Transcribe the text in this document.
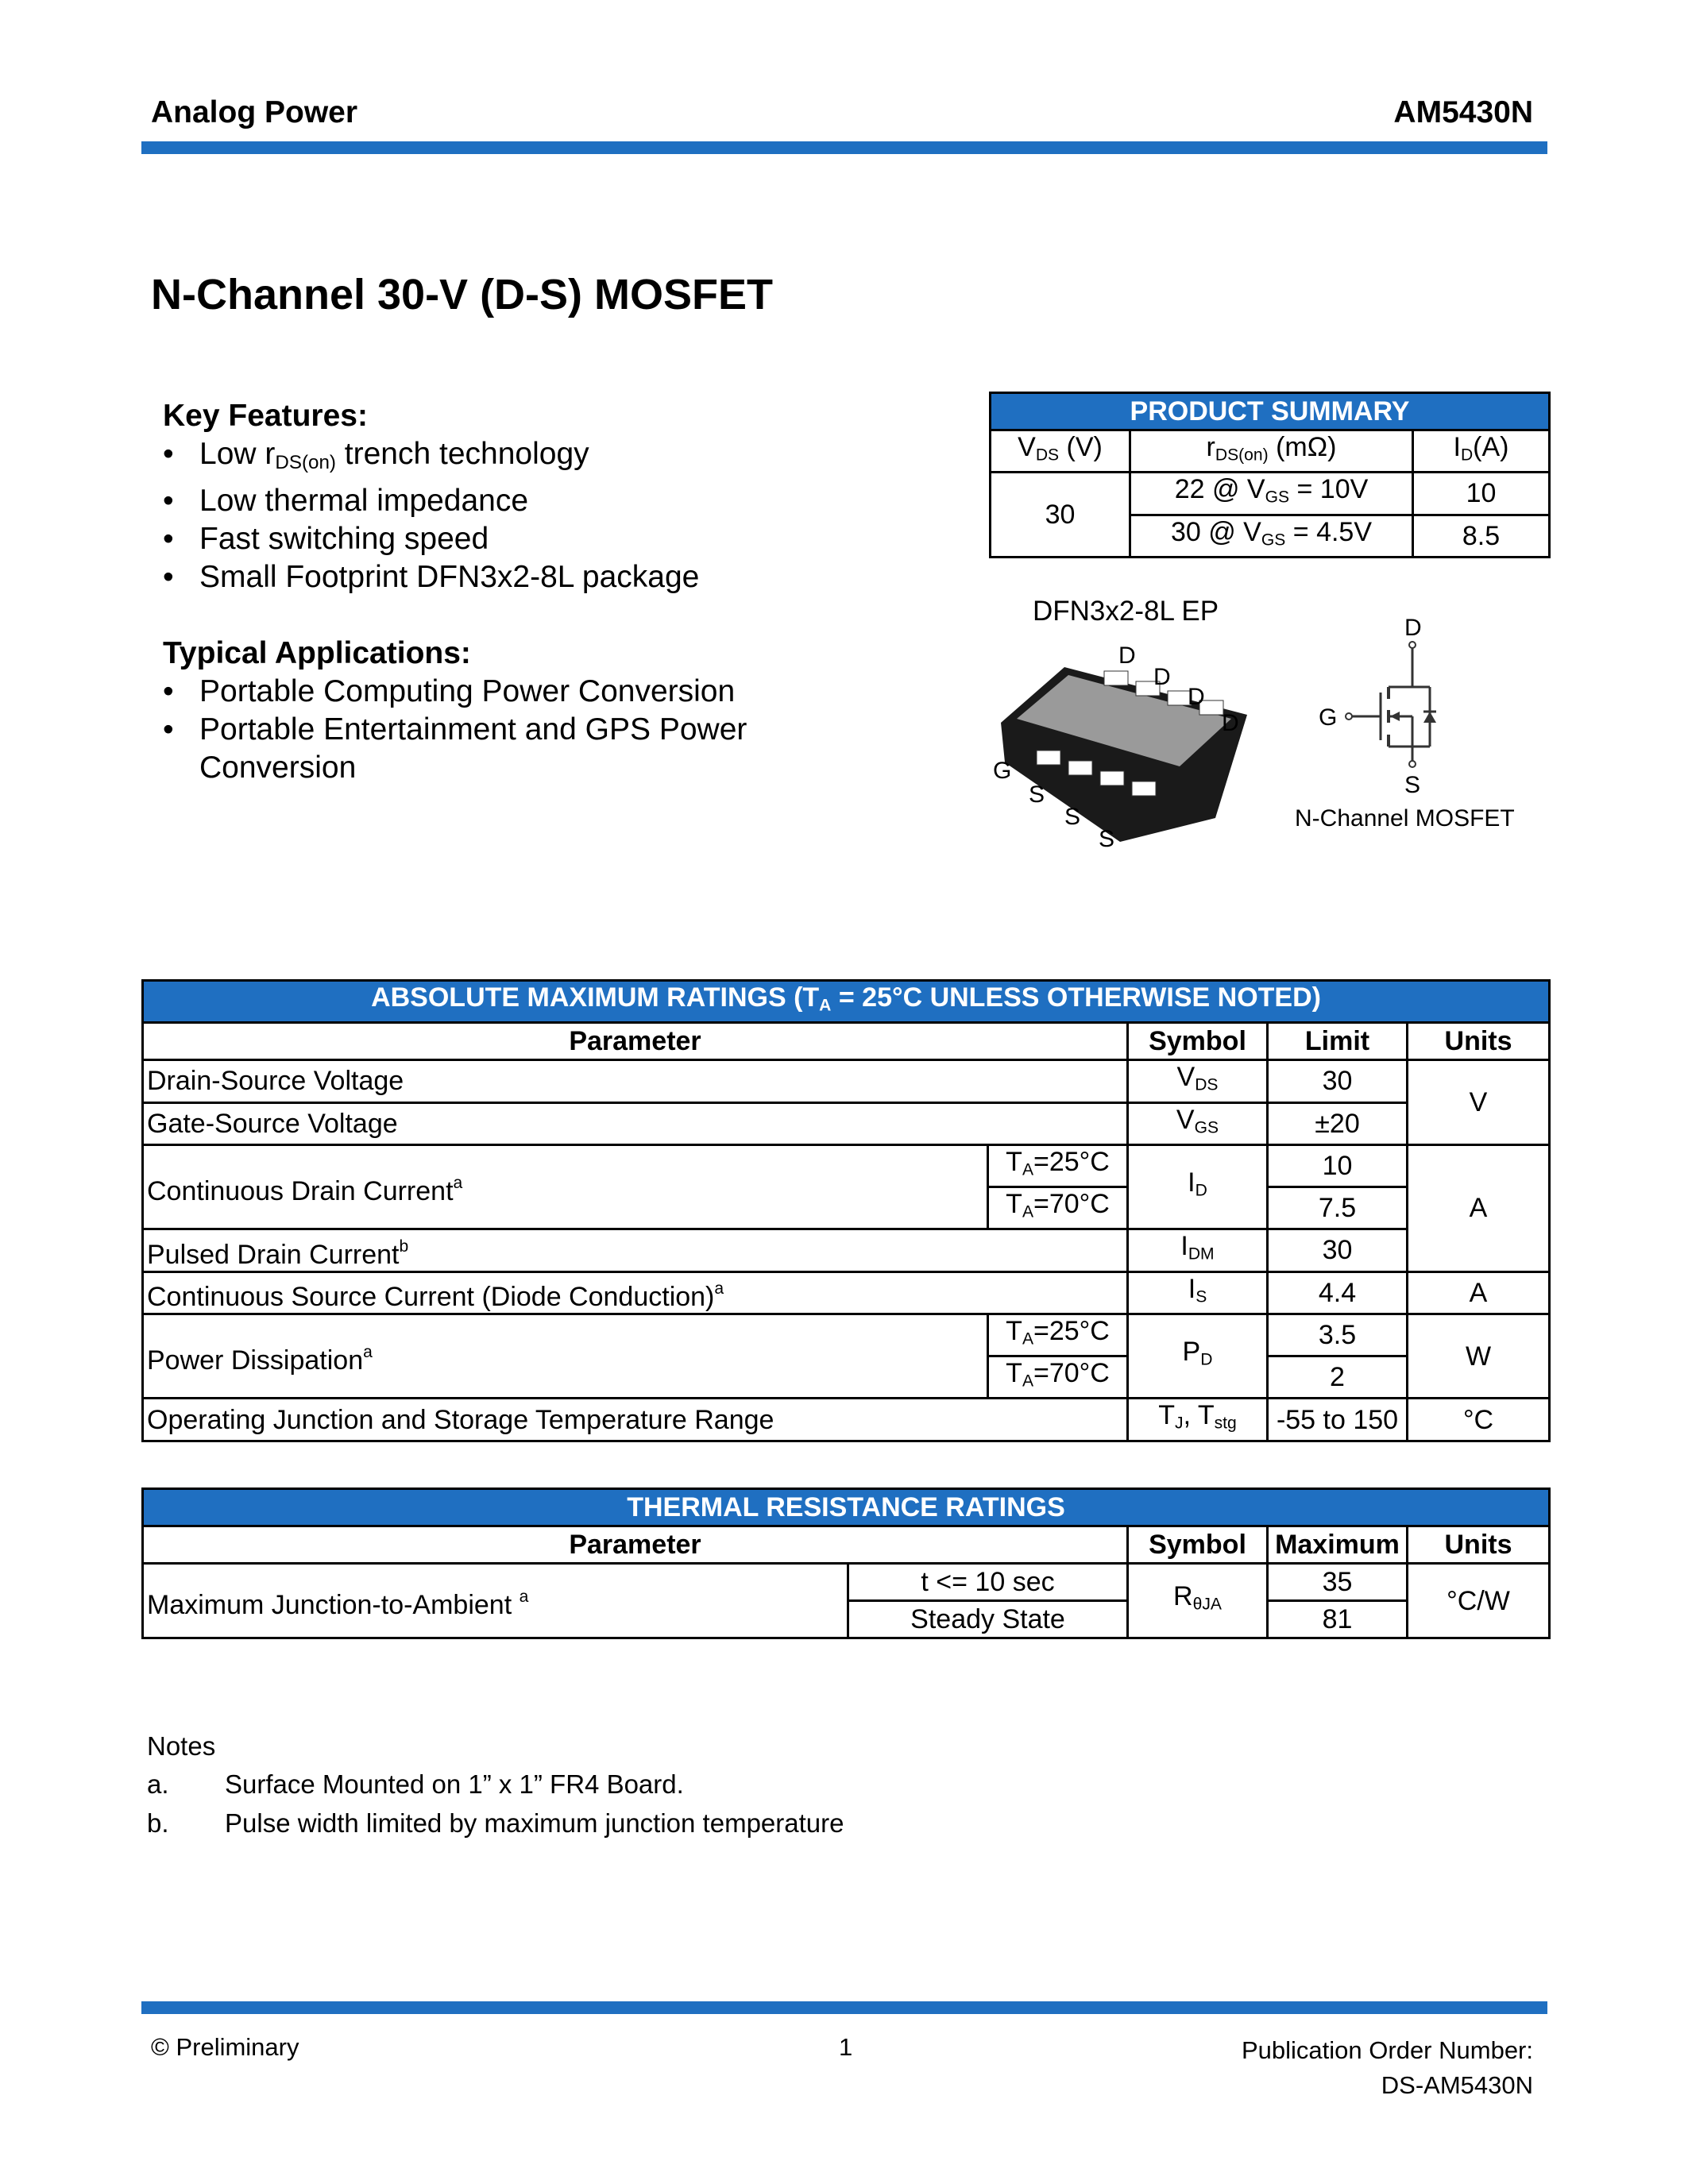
Analog Power	AM5430N
N-Channel 30-V (D-S) MOSFET
Key Features:
• Low $r_{DS(on)}$ trench technology
• Low thermal impedance
• Fast switching speed
• Small Footprint DFN3x2-8L package
Typical Applications:
• Portable Computing Power Conversion
• Portable Entertainment and GPS Power Conversion
PRODUCT SUMMARY		
$V_{DS}$ (V)	$r_{DS(on)}$ (mΩ)	$I_D(A)$
30	22 @ $V_{GS} = 10V$	10
	30 @ $V_{GS} = 4.5V$	8.5
DFN3x2-8L EP
D
D
D
D
G
S
S
S
D
G
S
N-Channel MOSFET
ABSOLUTE MAXIMUM RATINGS ($T_A = 25^\circ C$ UNLESS OTHERWISE NOTED)				
Parameter		Symbol	Limit	Units
Drain-Source Voltage		$V_{DS}$	30	V
Gate-Source Voltage		$V_{GS}$	±20	
Continuous Drain Current$^a$	$T_A=25^\circ C$	$I_D$	10	A
	$T_A=70^\circ C$		7.5	
Pulsed Drain Current$^b$		$I_{DM}$	30	
Continuous Source Current (Diode Conduction)$^a$		$I_S$	4.4	A
Power Dissipation$^a$	$T_A=25^\circ C$	$P_D$	3.5	W
	$T_A=70^\circ C$		2	
Operating Junction and Storage Temperature Range		$T_J$, $T_{stg}$	-55 to 150	°C
THERMAL RESISTANCE RATINGS				
Parameter		Symbol	Maximum	Units
Maximum Junction-to-Ambient $^a$	t <= 10 sec	$R_{\theta JA}$	35	°C/W
	Steady State		81	
Notes
a. Surface Mounted on 1” x 1” FR4 Board.
b. Pulse width limited by maximum junction temperature
© Preliminary	1	Publication Order Number:
DS-AM5430N
